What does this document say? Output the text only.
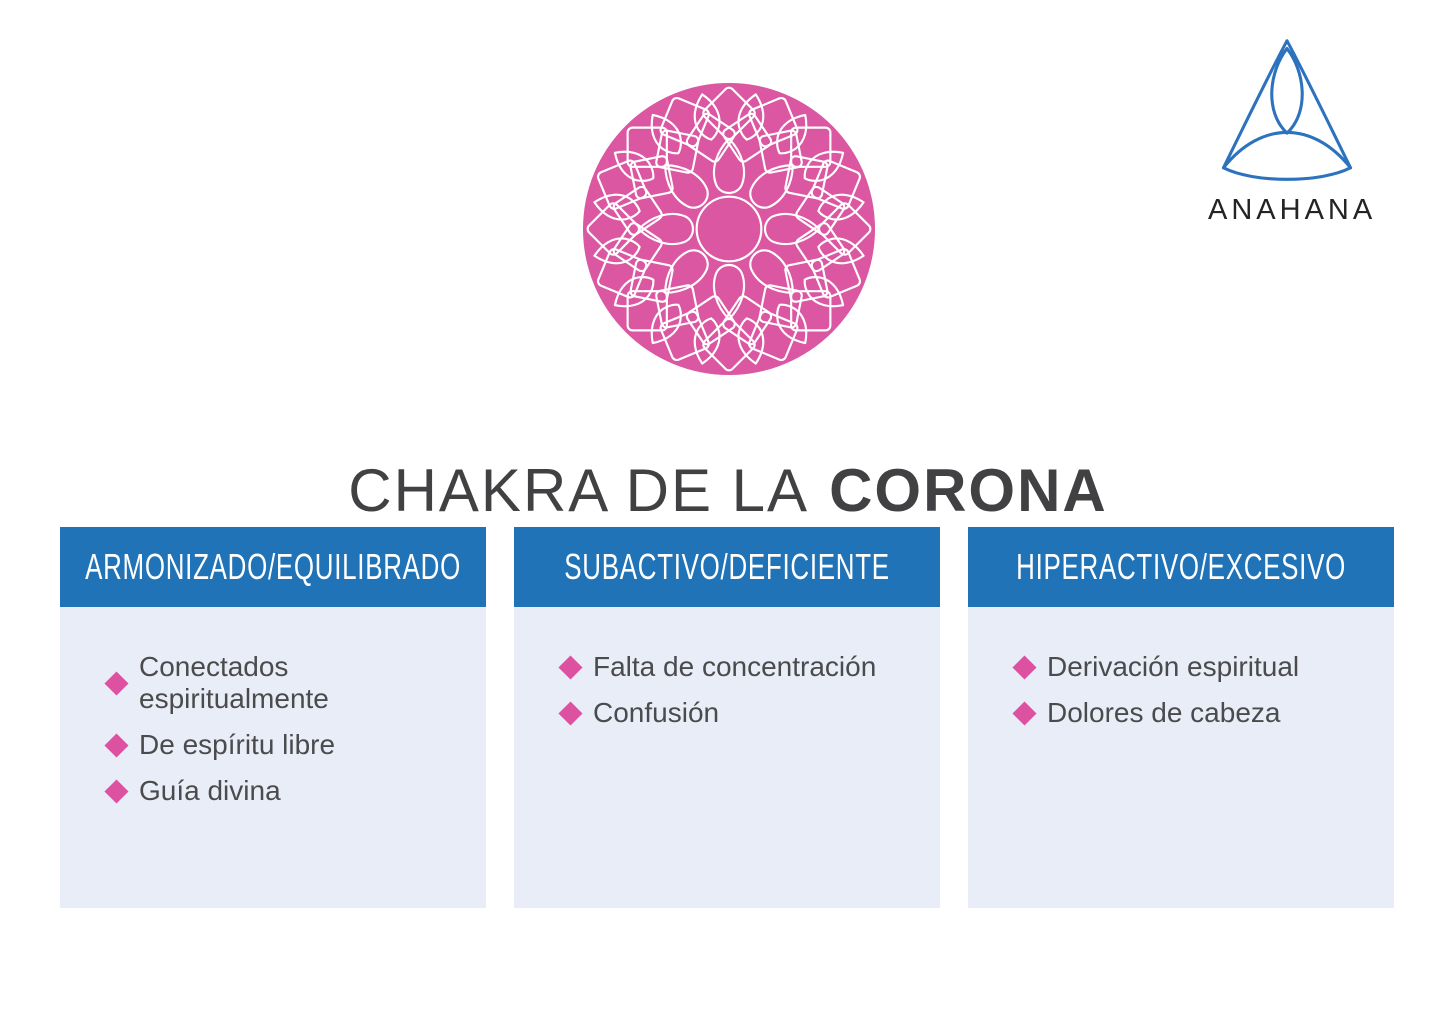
ANAHANA
CHAKRA DE LA CORONA
ARMONIZADO/EQUILIBRADO
Conectados espiritualmente
De espíritu libre
Guía divina
SUBACTIVO/DEFICIENTE
Falta de concentración
Confusión
HIPERACTIVO/EXCESIVO
Derivación espiritual
Dolores de cabeza
